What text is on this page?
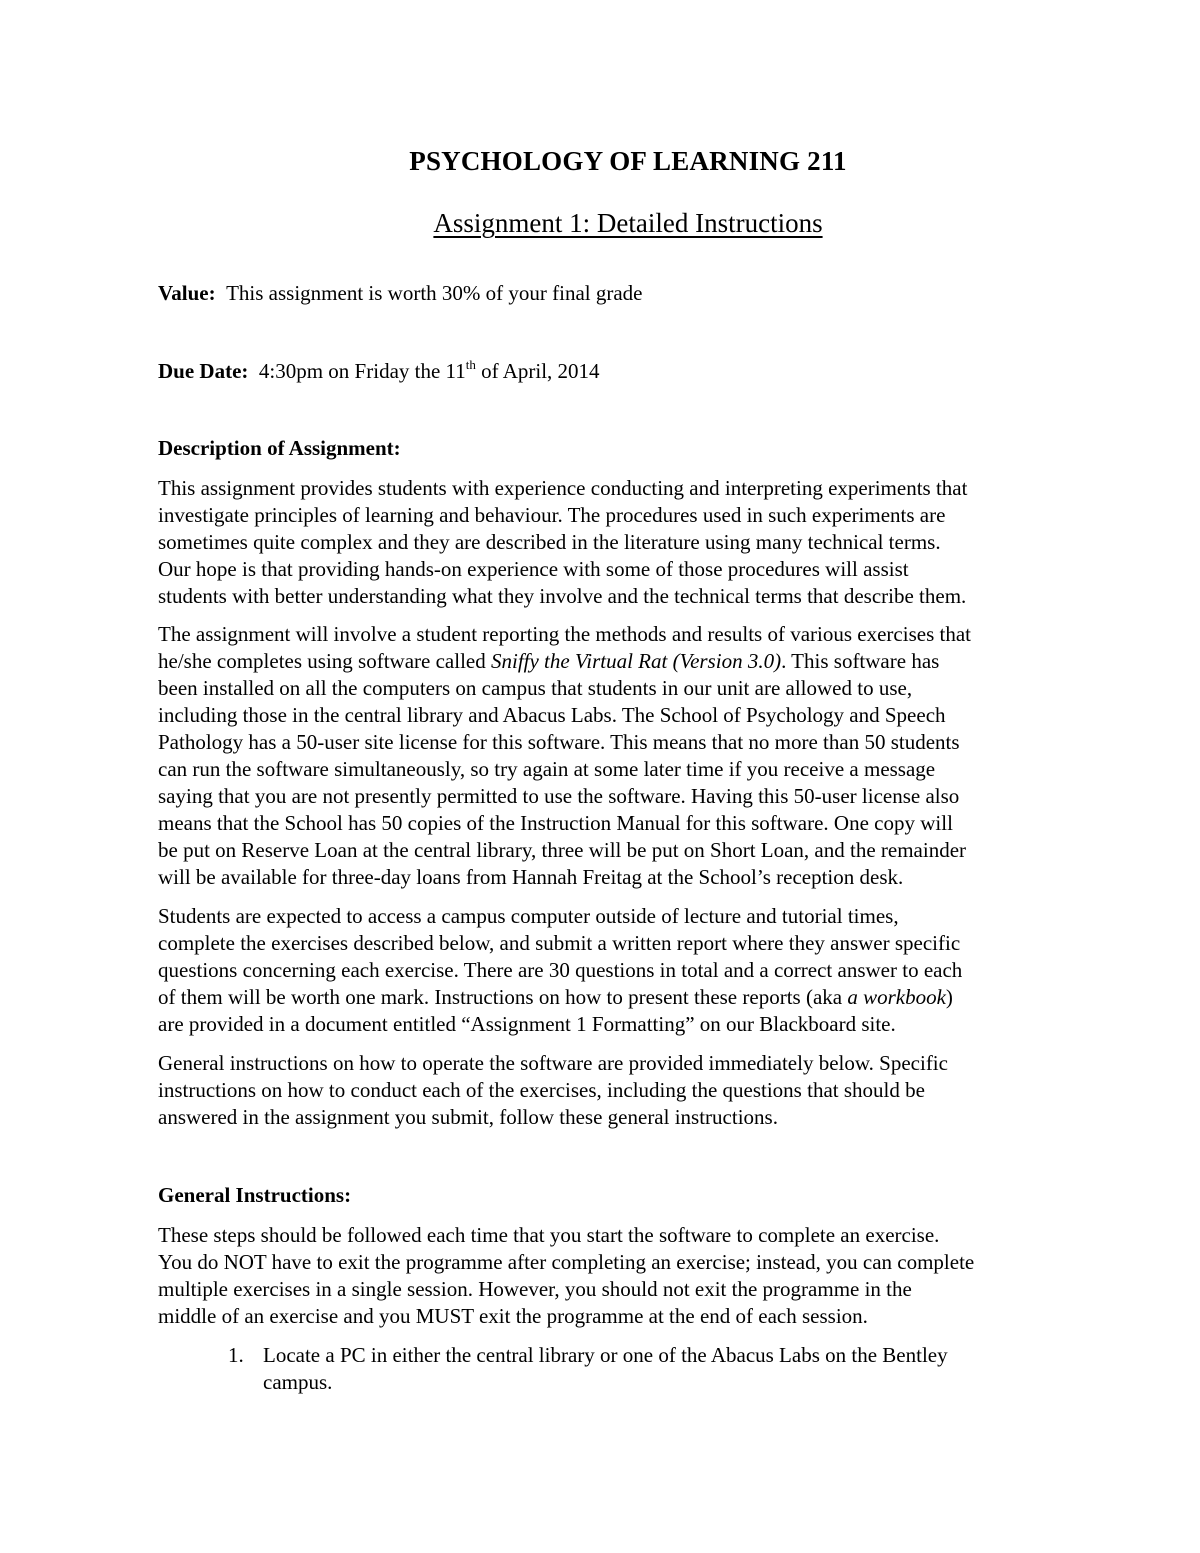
PSYCHOLOGY OF LEARNING 211
Assignment 1: Detailed Instructions
Value: This assignment is worth 30% of your final grade
Due Date: 4:30pm on Friday the 11th of April, 2014
Description of Assignment:
This assignment provides students with experience conducting and interpreting experiments that
investigate principles of learning and behaviour. The procedures used in such experiments are
sometimes quite complex and they are described in the literature using many technical terms.
Our hope is that providing hands-on experience with some of those procedures will assist
students with better understanding what they involve and the technical terms that describe them.
The assignment will involve a student reporting the methods and results of various exercises that
he/she completes using software called Sniffy the Virtual Rat (Version 3.0). This software has
been installed on all the computers on campus that students in our unit are allowed to use,
including those in the central library and Abacus Labs. The School of Psychology and Speech
Pathology has a 50-user site license for this software. This means that no more than 50 students
can run the software simultaneously, so try again at some later time if you receive a message
saying that you are not presently permitted to use the software. Having this 50-user license also
means that the School has 50 copies of the Instruction Manual for this software. One copy will
be put on Reserve Loan at the central library, three will be put on Short Loan, and the remainder
will be available for three-day loans from Hannah Freitag at the School’s reception desk.
Students are expected to access a campus computer outside of lecture and tutorial times,
complete the exercises described below, and submit a written report where they answer specific
questions concerning each exercise. There are 30 questions in total and a correct answer to each
of them will be worth one mark. Instructions on how to present these reports (aka a workbook)
are provided in a document entitled “Assignment 1 Formatting” on our Blackboard site.
General instructions on how to operate the software are provided immediately below. Specific
instructions on how to conduct each of the exercises, including the questions that should be
answered in the assignment you submit, follow these general instructions.
General Instructions:
These steps should be followed each time that you start the software to complete an exercise.
You do NOT have to exit the programme after completing an exercise; instead, you can complete
multiple exercises in a single session. However, you should not exit the programme in the
middle of an exercise and you MUST exit the programme at the end of each session.
1. Locate a PC in either the central library or one of the Abacus Labs on the Bentley
campus.
